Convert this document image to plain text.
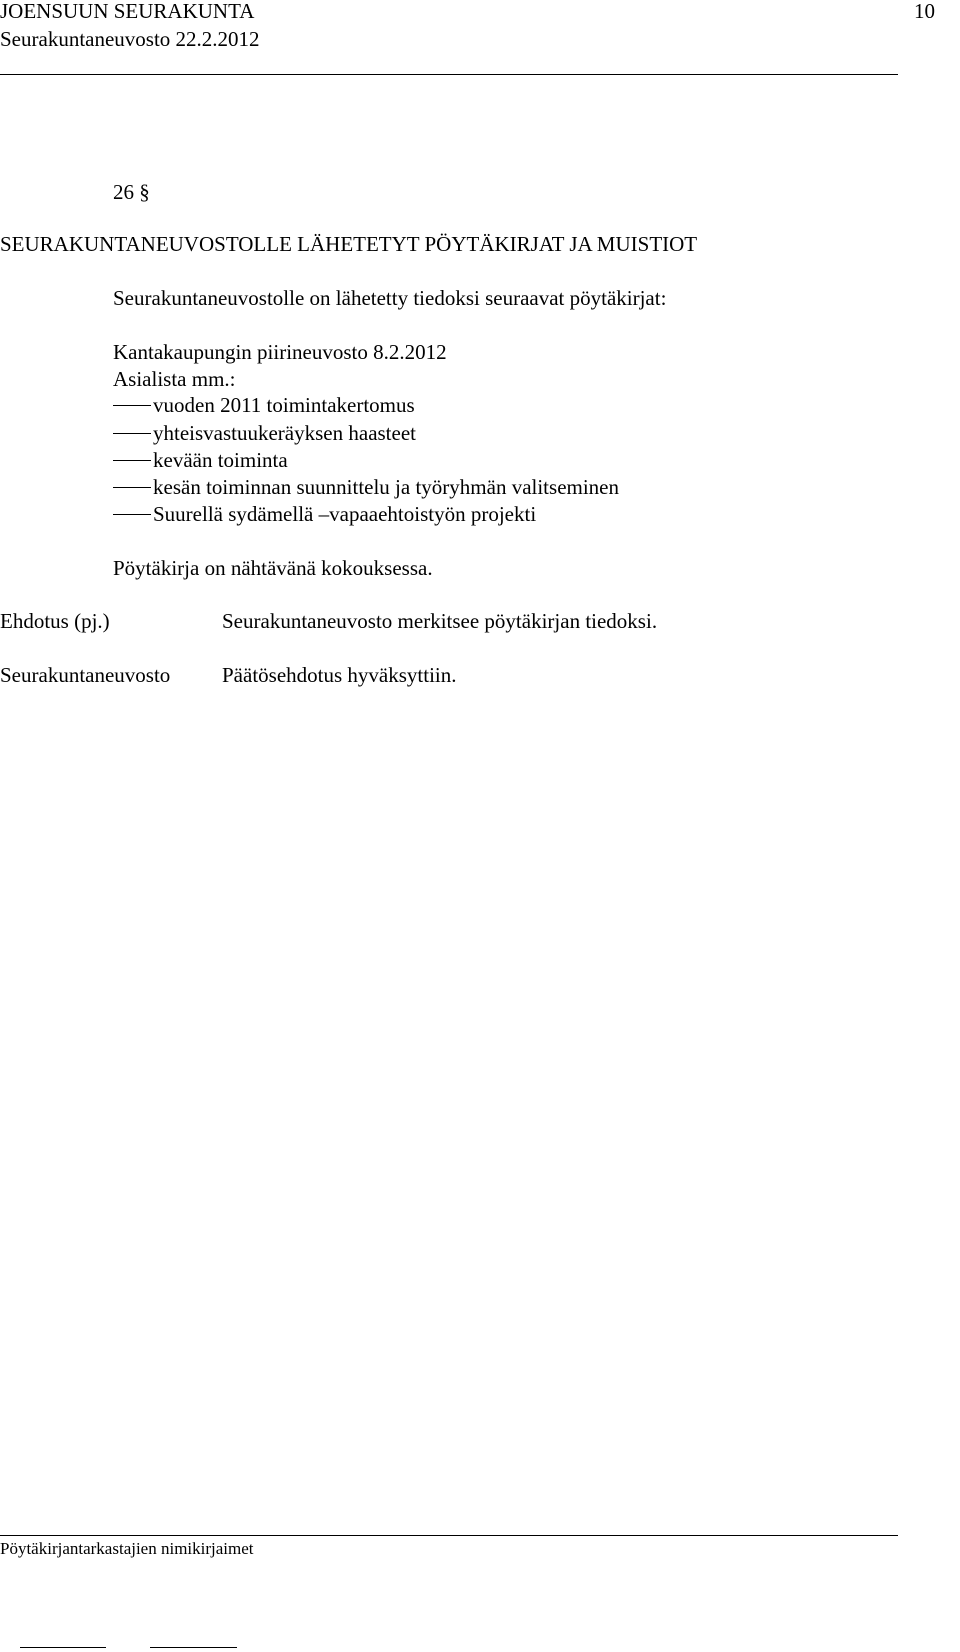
JOENSUUN SEURAKUNTA	10
Seurakuntaneuvosto 22.2.2012
26 §
SEURAKUNTANEUVOSTOLLE LÄHETETYT PÖYTÄKIRJAT JA MUISTIOT
Seurakuntaneuvostolle on lähetetty tiedoksi seuraavat pöytäkirjat:
Kantakaupungin piirineuvosto 8.2.2012
Asialista mm.:
vuoden 2011 toimintakertomus
yhteisvastuukeräyksen haasteet
kevään toiminta
kesän toiminnan suunnittelu ja työryhmän valitseminen
Suurellä sydämellä –vapaaehtoistyön projekti
Pöytäkirja on nähtävänä kokouksessa.
Ehdotus (pj.)	Seurakuntaneuvosto merkitsee pöytäkirjan tiedoksi.
Seurakuntaneuvosto Päätösehdotus hyväksyttiin.
Pöytäkirjantarkastajien nimikirjaimet
